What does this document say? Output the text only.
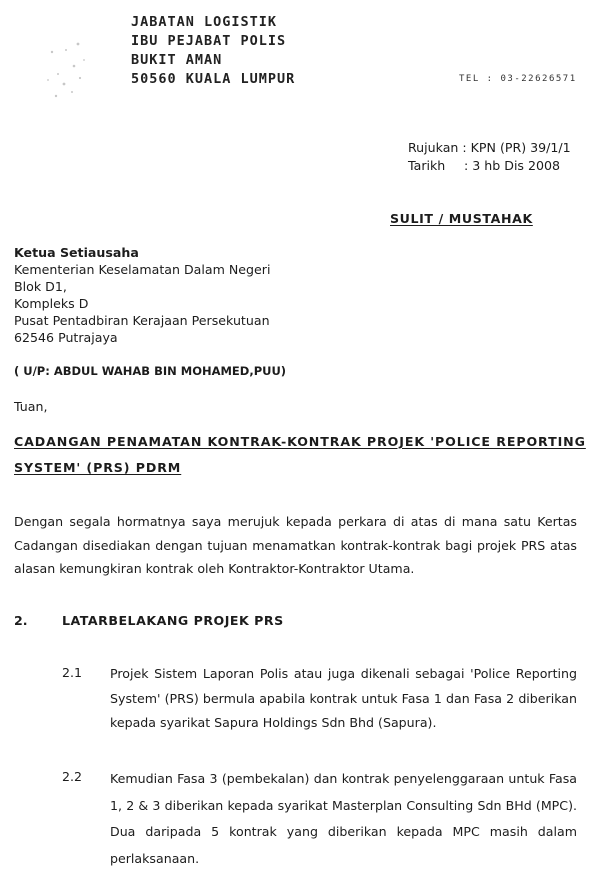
JABATAN LOGISTIK
IBU PEJABAT POLIS
BUKIT AMAN
50560 KUALA LUMPUR	TEL : 03-22626571
Rujukan : KPN (PR) 39/1/1
Tarikh : 3 hb Dis 2008
SULIT / MUSTAHAK
Ketua Setiausaha
Kementerian Keselamatan Dalam Negeri
Blok D1,
Kompleks D
Pusat Pentadbiran Kerajaan Persekutuan
62546 Putrajaya
( U/P: ABDUL WAHAB BIN MOHAMED,PUU)
Tuan,
CADANGAN PENAMATAN KONTRAK-KONTRAK PROJEK 'POLICE REPORTING
SYSTEM' (PRS) PDRM

Dengan segala hormatnya saya merujuk kepada perkara di atas di mana satu Kertas Cadangan disediakan dengan tujuan menamatkan kontrak-kontrak bagi projek PRS atas alasan kemungkiran kontrak oleh Kontraktor-Kontraktor Utama.

2.	LATARBELAKANG PROJEK PRS
2.1 Projek Sistem Laporan Polis atau juga dikenali sebagai 'Police Reporting System' (PRS) bermula apabila kontrak untuk Fasa 1 dan Fasa 2 diberikan kepada syarikat Sapura Holdings Sdn Bhd (Sapura).

2.2 Kemudian Fasa 3 (pembekalan) dan kontrak penyelenggaraan untuk Fasa 1, 2 & 3 diberikan kepada syarikat Masterplan Consulting Sdn BHd (MPC). Dua daripada 5 kontrak yang diberikan kepada MPC masih dalam perlaksanaan.
